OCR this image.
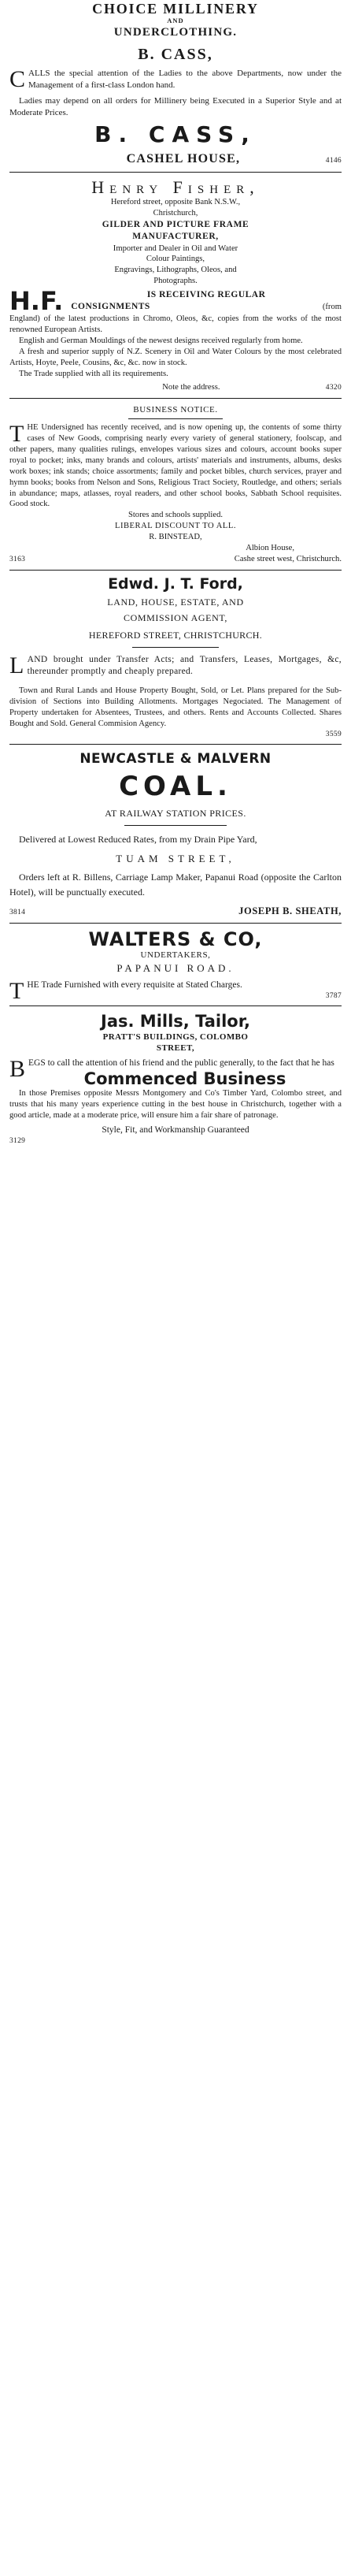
CHOICE MILLINERY
AND
UNDERCLOTHING.
B. CASS,

CALLS the special attention of the Ladies to the above Departments, now under the Management of a first-class London hand.

Ladies may depend on all orders for Millinery being Executed in a Superior Style and at Moderate Prices.

B. CASS,
CASHEL HOUSE,	4146
Henry Fisher,
Hereford street, opposite Bank N.S.W.,
Christchurch,
GILDER AND PICTURE FRAME
MANUFACTURER,
Importer and Dealer in Oil and Water
Colour Paintings,
Engravings, Lithographs, Oleos, and
Photographs.
H.F.	IS RECEIVING REGULAR
CONSIGNMENTS	(from

England) of the latest productions in Chromo, Oleos, &c, copies from the works of the most renowned European Artists.

English and German Mouldings of the newest designs received regularly from home.

A fresh and superior supply of N.Z. Scenery in Oil and Water Colours by the most celebrated Artists, Hoyte, Peele, Cousins, &c, &c. now in stock.

The Trade supplied with all its requirements.

Note the address.	4320
BUSINESS NOTICE.

THE Undersigned has recently received, and is now opening up, the contents of some thirty cases of New Goods, comprising nearly every variety of general stationery, foolscap, and other papers, many qualities rulings, envelopes various sizes and colours, account books super royal to pocket; inks, many brands and colours, artists' materials and instruments, albums, desks work boxes; ink stands; choice assortments; family and pocket bibles, church services, prayer and hymn books; books from Nelson and Sons, Religious Tract Society, Routledge, and others; serials in abundance; maps, atlasses, royal readers, and other school books, Sabbath School requisites. Good stock.

Stores and schools supplied.
LIBERAL DISCOUNT TO ALL.
R. BINSTEAD,
Albion House,
3163	Cashe street west, Christchurch.
Edwd. J. T. Ford,
LAND, HOUSE, ESTATE, AND
COMMISSION AGENT,
HEREFORD STREET, CHRISTCHURCH.

LAND brought under Transfer Acts; and Transfers, Leases, Mortgages, &c, thereunder promptly and cheaply prepared.

Town and Rural Lands and House Property Bought, Sold, or Let. Plans prepared for the Sub-division of Sections into Building Allotments. Mortgages Negociated. The Management of Property undertaken for Absentees, Trustees, and others. Rents and Accounts Collected. Shares Bought and Sold. General Commision Agency.

3559
NEWCASTLE & MALVERN
COAL.
AT RAILWAY STATION PRICES.

Delivered at Lowest Reduced Rates, from my Drain Pipe Yard,

TUAM STREET,

Orders left at R. Billens, Carriage Lamp Maker, Papanui Road (opposite the Carlton Hotel), will be punctually executed.

3814	JOSEPH B. SHEATH,
WALTERS & CO,
UNDERTAKERS,
PAPANUI ROAD.

THE Trade Furnished with every requisite at Stated Charges.

3787
Jas. Mills, Tailor,
PRATT'S BUILDINGS, COLOMBO
STREET,

BEGS to call the attention of his friend and the public generally, to the fact that he has

Commenced Business

In those Premises opposite Messrs Montgomery and Co's Timber Yard, Colombo street, and trusts that his many years experience cutting in the best house in Christchurch, together with a good article, made at a moderate price, will ensure him a fair share of patronage.

Style, Fit, and Workmanship Guaranteed
3129
